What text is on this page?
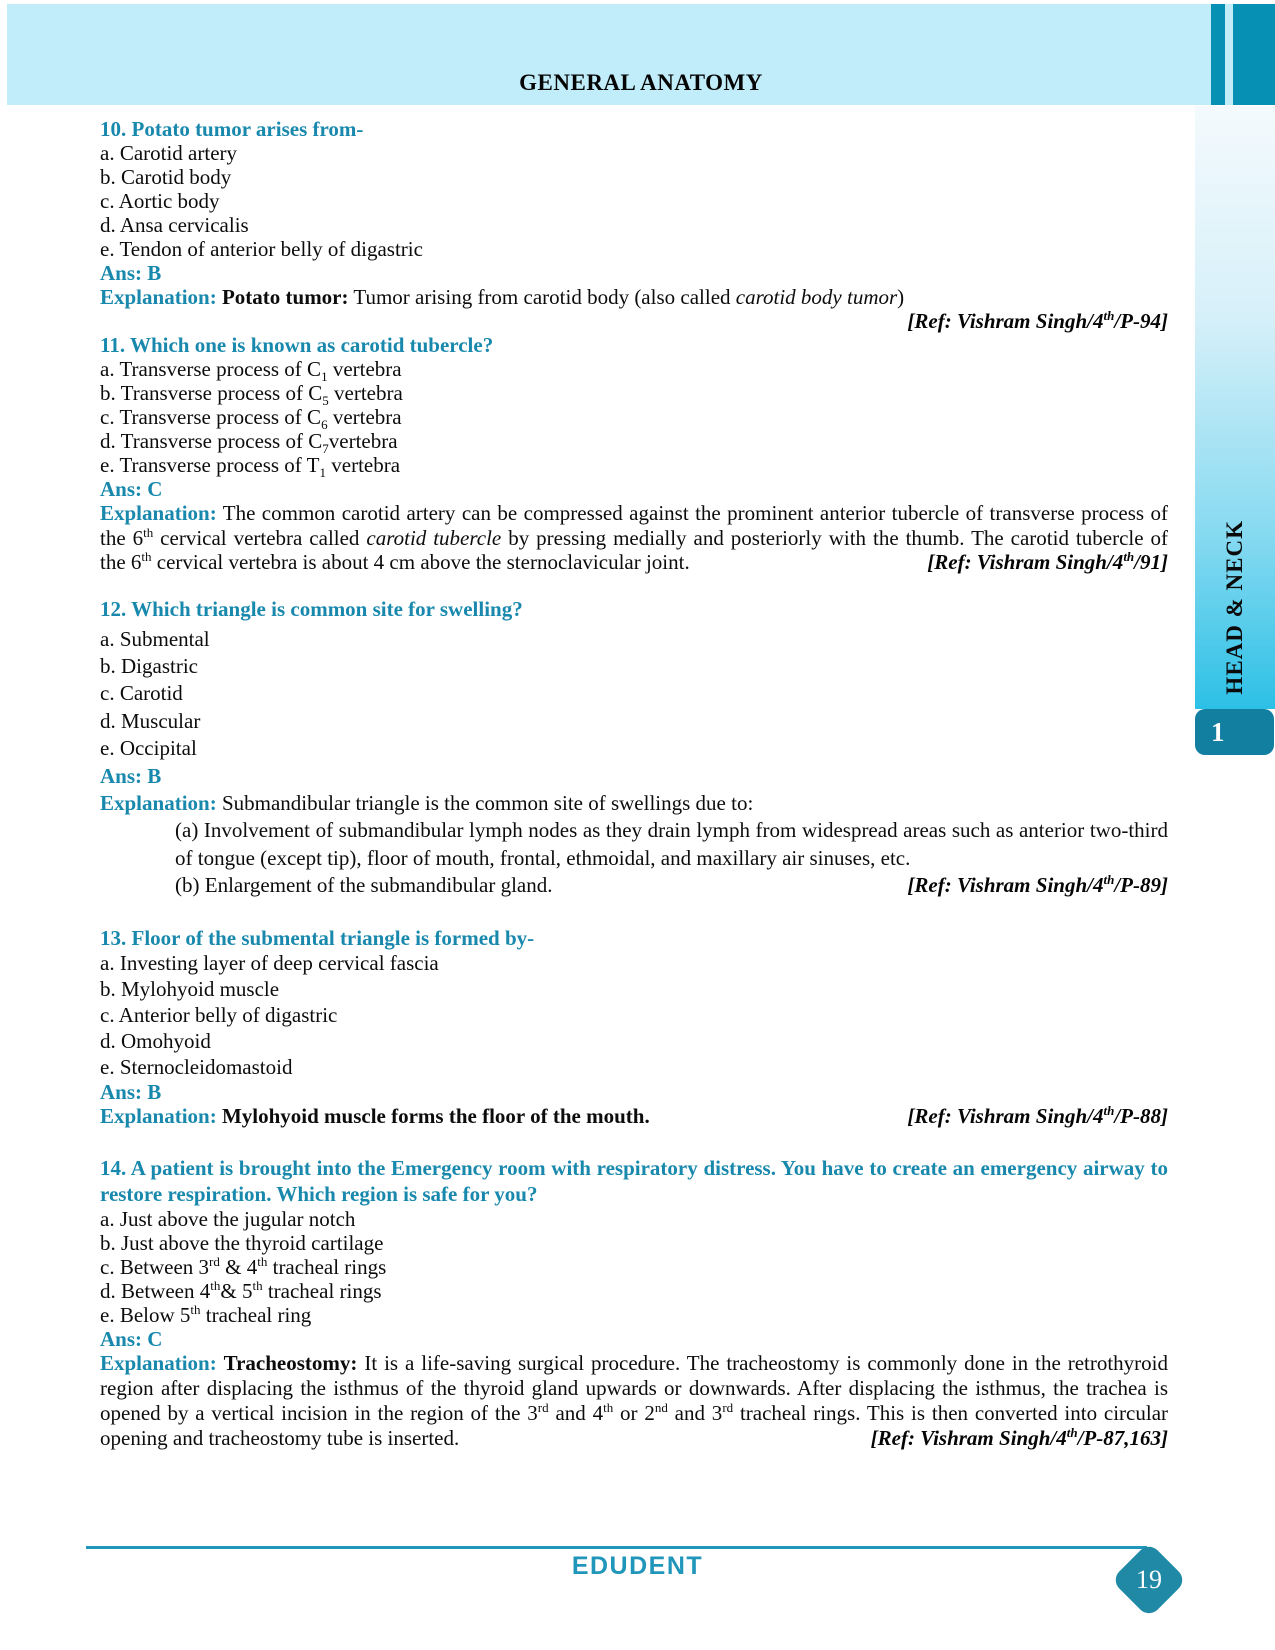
GENERAL ANATOMY
HEAD & NECK
1
10. Potato tumor arises from-
a. Carotid artery
b. Carotid body
c. Aortic body
d. Ansa cervicalis
e. Tendon of anterior belly of digastric
Ans: B
Explanation: Potato tumor: Tumor arising from carotid body (also called carotid body tumor)
[Ref: Vishram Singh/4th/P-94]
11. Which one is known as carotid tubercle?
a. Transverse process of $C_1$ vertebra
b. Transverse process of $C_5$ vertebra
c. Transverse process of $C_6$ vertebra
d. Transverse process of $C_7vertebra$
e. Transverse process of $T_1$ vertebra
Ans: C
Explanation: The common carotid artery can be compressed against the prominent anterior tubercle of transverse process of the 6th cervical vertebra called carotid tubercle by pressing medially and posteriorly with the thumb. The carotid tubercle of the 6th cervical vertebra is about 4 cm above the sternoclavicular joint.	[Ref: Vishram Singh/4th/91]
12. Which triangle is common site for swelling?
a. Submental
b. Digastric
c. Carotid
d. Muscular
e. Occipital
Ans: B
Explanation: Submandibular triangle is the common site of swellings due to:
(a) Involvement of submandibular lymph nodes as they drain lymph from widespread areas such as anterior two-third of tongue (except tip), floor of mouth, frontal, ethmoidal, and maxillary air sinuses, etc.
(b) Enlargement of the submandibular gland.	[Ref: Vishram Singh/4th/P-89]
13. Floor of the submental triangle is formed by-
a. Investing layer of deep cervical fascia
b. Mylohyoid muscle
c. Anterior belly of digastric
d. Omohyoid
e. Sternocleidomastoid
Ans: B
Explanation: Mylohyoid muscle forms the floor of the mouth.	[Ref: Vishram Singh/4th/P-88]
14. A patient is brought into the Emergency room with respiratory distress. You have to create an emergency airway to restore respiration. Which region is safe for you?
a. Just above the jugular notch
b. Just above the thyroid cartilage
c. Between 3rd & 4th tracheal rings
d. Between 4th& 5th tracheal rings
e. Below 5th tracheal ring
Ans: C
Explanation: Tracheostomy: It is a life-saving surgical procedure. The tracheostomy is commonly done in the retrothyroid region after displacing the isthmus of the thyroid gland upwards or downwards. After displacing the isthmus, the trachea is opened by a vertical incision in the region of the 3rd and 4th or 2nd and 3rd tracheal rings. This is then converted into circular opening and tracheostomy tube is inserted.	[Ref: Vishram Singh/4th/P-87,163]
EDUDENT	19
